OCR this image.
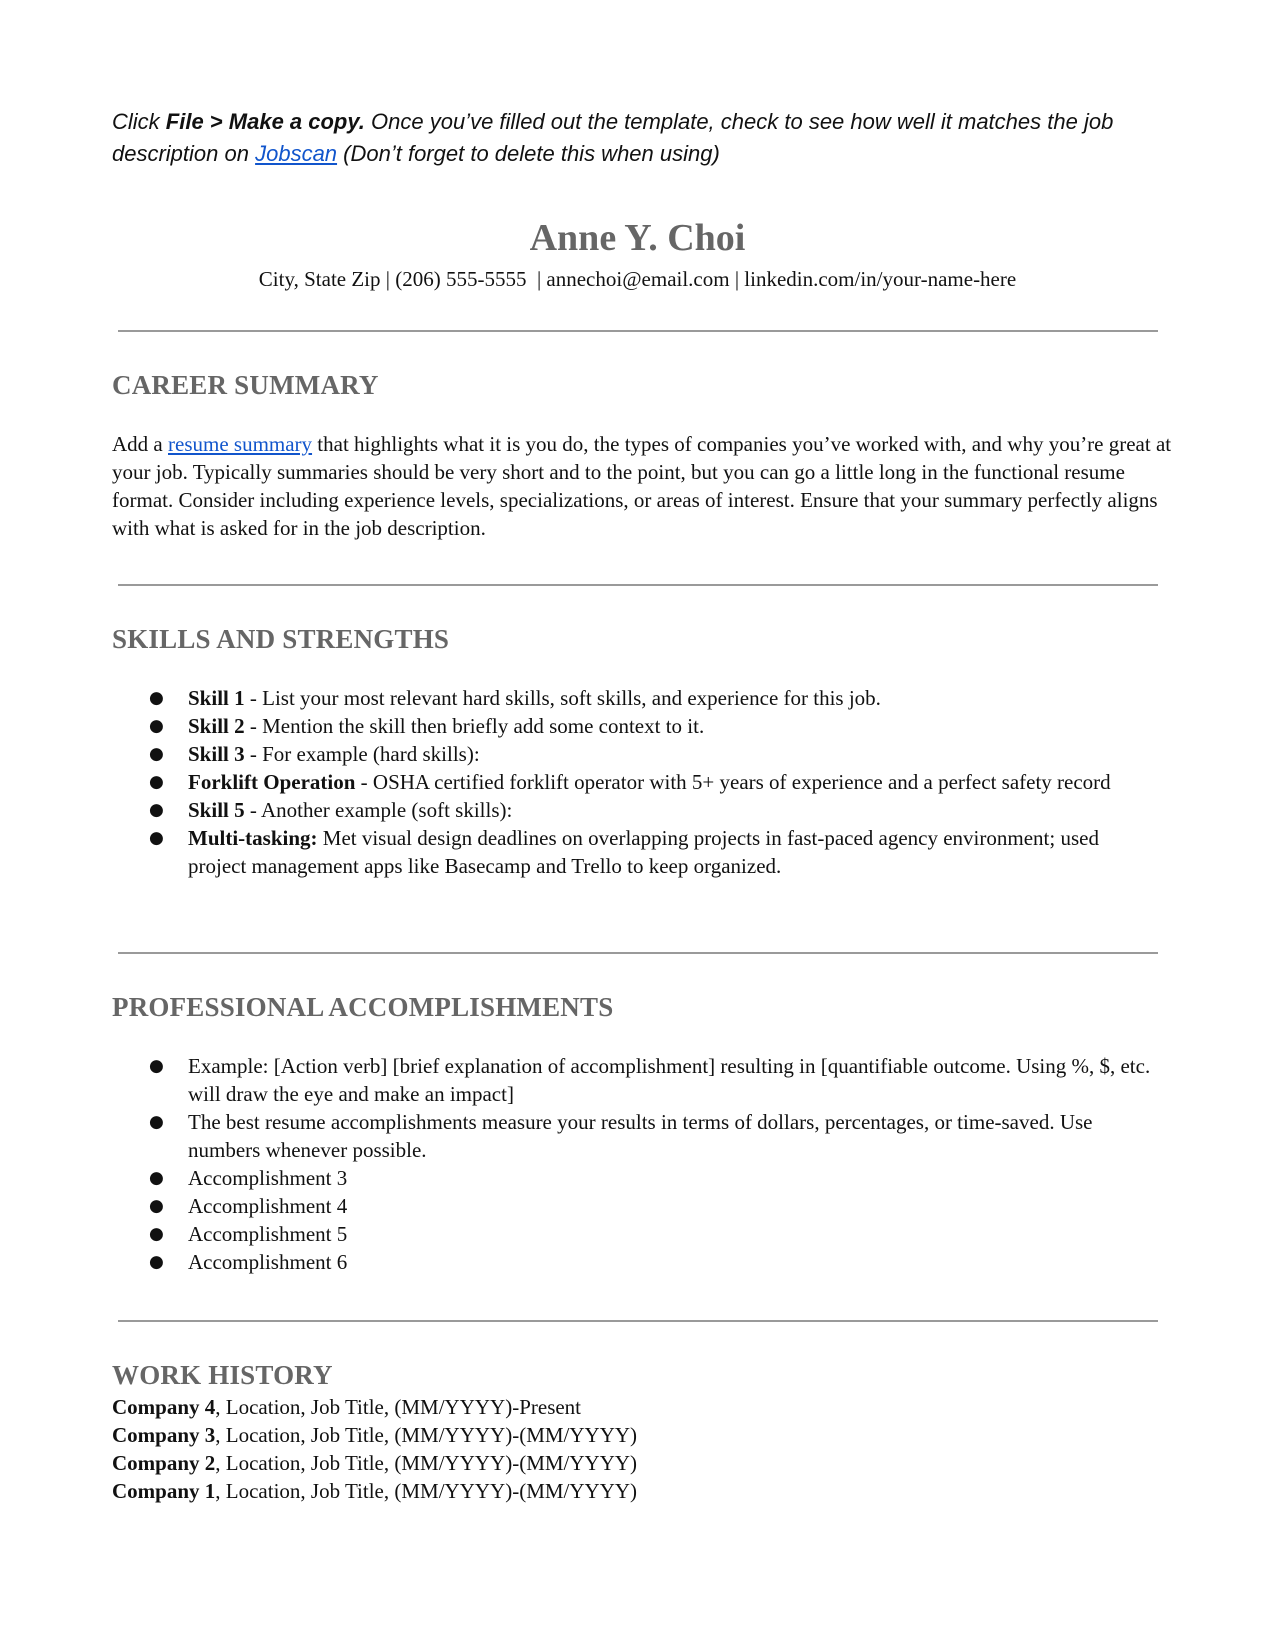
Click File > Make a copy. Once you’ve filled out the template, check to see how well it matches the job description on Jobscan (Don’t forget to delete this when using)
Anne Y. Choi
City, State Zip | (206) 555-5555  | annechoi@email.com | linkedin.com/in/your-name-here
CAREER SUMMARY
Add a resume summary that highlights what it is you do, the types of companies you’ve worked with, and why you’re great at your job. Typically summaries should be very short and to the point, but you can go a little long in the functional resume format. Consider including experience levels, specializations, or areas of interest. Ensure that your summary perfectly aligns with what is asked for in the job description.
SKILLS AND STRENGTHS
● Skill 1 - List your most relevant hard skills, soft skills, and experience for this job.
● Skill 2 - Mention the skill then briefly add some context to it.
● Skill 3 - For example (hard skills):
● Forklift Operation - OSHA certified forklift operator with 5+ years of experience and a perfect safety record
● Skill 5 - Another example (soft skills):
● Multi-tasking: Met visual design deadlines on overlapping projects in fast-paced agency environment; used project management apps like Basecamp and Trello to keep organized.
PROFESSIONAL ACCOMPLISHMENTS
● Example: [Action verb] [brief explanation of accomplishment] resulting in [quantifiable outcome. Using %, $, etc. will draw the eye and make an impact]
● The best resume accomplishments measure your results in terms of dollars, percentages, or time-saved. Use numbers whenever possible.
● Accomplishment 3
● Accomplishment 4
● Accomplishment 5
● Accomplishment 6
WORK HISTORY
Company 4, Location, Job Title, (MM/YYYY)-Present
Company 3, Location, Job Title, (MM/YYYY)-(MM/YYYY)
Company 2, Location, Job Title, (MM/YYYY)-(MM/YYYY)
Company 1, Location, Job Title, (MM/YYYY)-(MM/YYYY)
